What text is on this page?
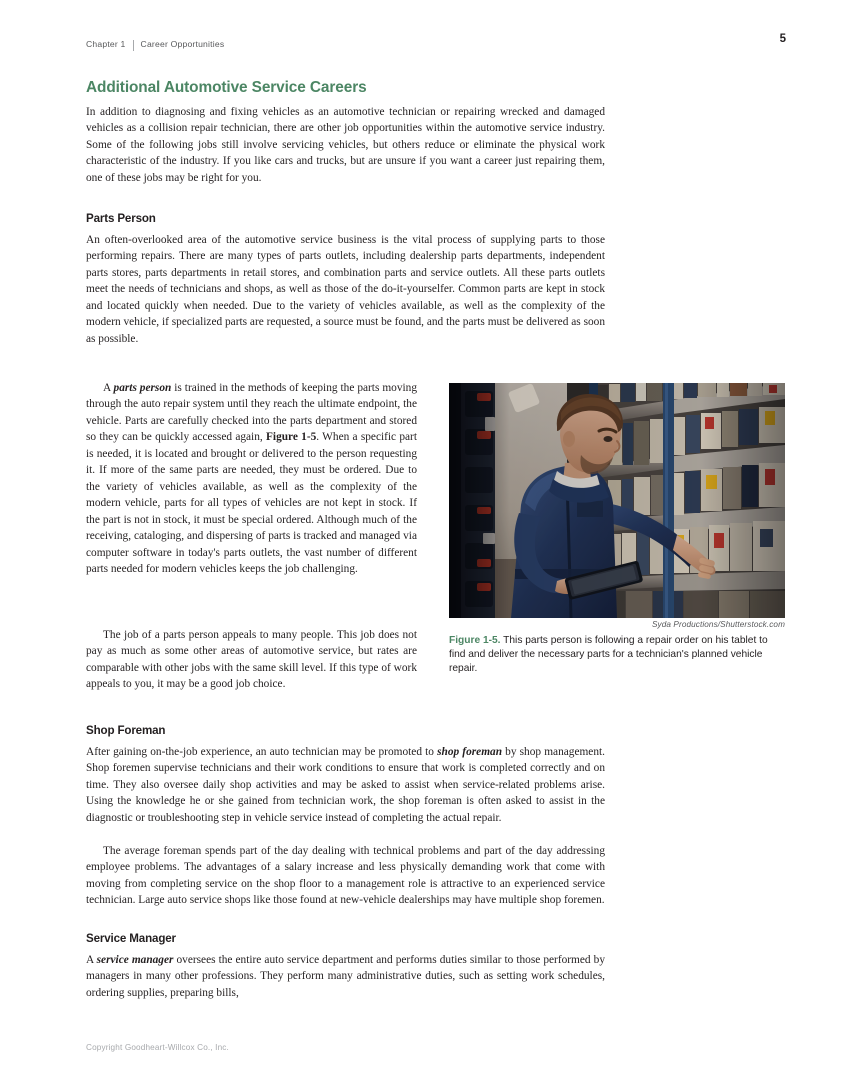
Chapter 1 Career Opportunities	5
Additional Automotive Service Careers

In addition to diagnosing and fixing vehicles as an automotive technician or repairing wrecked and damaged vehicles as a collision repair technician, there are other job opportunities within the automotive service industry. Some of the following jobs still involve servicing vehicles, but others reduce or eliminate the physical work characteristic of the industry. If you like cars and trucks, but are unsure if you want a career just repairing them, one of these jobs may be right for you.

Parts Person

An often-overlooked area of the automotive service business is the vital process of supplying parts to those performing repairs. There are many types of parts outlets, including dealership parts departments, independent parts stores, parts departments in retail stores, and combination parts and service outlets. All these parts outlets meet the needs of technicians and shops, as well as those of the do-it-yourselfer. Common parts are kept in stock and located quickly when needed. Due to the variety of vehicles available, as well as the complexity of the modern vehicle, if specialized parts are requested, a source must be found, and the parts must be delivered as soon as possible.

A parts person is trained in the methods of keeping the parts moving through the auto repair system until they reach the ultimate endpoint, the vehicle. Parts are carefully checked into the parts department and stored so they can be quickly accessed again, Figure 1-5. When a specific part is needed, it is located and brought or delivered to the person requesting it. If more of the same parts are needed, they must be ordered. Due to the variety of vehicles available, as well as the complexity of the modern vehicle, parts for all types of vehicles are not kept in stock. If the part is not in stock, it must be special ordered. Although much of the receiving, cataloging, and dispersing of parts is tracked and managed via computer software in today's parts outlets, the vast number of different parts needed for modern vehicles keeps the job challenging.

The job of a parts person appeals to many people. This job does not pay as much as some other areas of automotive service, but rates are comparable with other jobs with the same skill level. If this type of work appeals to you, it may be a good job choice.

Syda Productions/Shutterstock.com
Figure 1-5. This parts person is following a repair order on his tablet to find and deliver the necessary parts for a technician's planned vehicle repair.
Shop Foreman

After gaining on-the-job experience, an auto technician may be promoted to shop foreman by shop management. Shop foremen supervise technicians and their work conditions to ensure that work is completed correctly and on time. They also oversee daily shop activities and may be asked to assist when service-related problems arise. Using the knowledge he or she gained from technician work, the shop foreman is often asked to assist in the diagnostic or troubleshooting step in vehicle service instead of completing the actual repair.

The average foreman spends part of the day dealing with technical problems and part of the day addressing employee problems. The advantages of a salary increase and less physically demanding work that come with moving from completing service on the shop floor to a management role is attractive to an experienced service technician. Large auto service shops like those found at new-vehicle dealerships may have multiple shop foremen.

Service Manager

A service manager oversees the entire auto service department and performs duties similar to those performed by managers in many other professions. They perform many administrative duties, such as setting work schedules, ordering supplies, preparing bills,

Copyright Goodheart-Willcox Co., Inc.
